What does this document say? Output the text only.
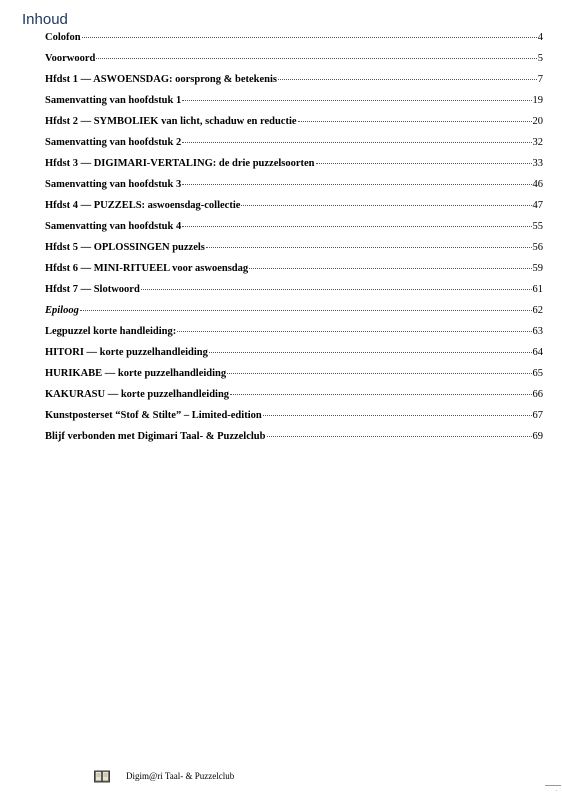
Inhoud
Colofon	4
Voorwoord	5
Hfdst 1 — ASWOENSDAG: oorsprong & betekenis	7
Samenvatting van hoofdstuk 1	19
Hfdst 2 — SYMBOLIEK van licht, schaduw en reductie	20
Samenvatting van hoofdstuk 2	32
Hfdst 3 — DIGIMARI-VERTALING: de drie puzzelsoorten	33
Samenvatting van hoofdstuk 3	46
Hfdst 4 — PUZZELS: aswoensdag-collectie	47
Samenvatting van hoofdstuk 4	55
Hfdst 5 — OPLOSSINGEN puzzels	56
Hfdst 6 — MINI-RITUEEL voor aswoensdag	59
Hfdst 7 — Slotwoord	61
Epiloog	62
Legpuzzel korte handleiding:	63
HITORI — korte puzzelhandleiding	64
HURIKABE — korte puzzelhandleiding	65
KAKURASU — korte puzzelhandleiding	66
Kunstposterset “Stof & Stilte” – Limited-edition	67
Blijf verbonden met Digimari Taal- & Puzzelclub	69
Digim@ri Taal- & Puzzelclub
.
